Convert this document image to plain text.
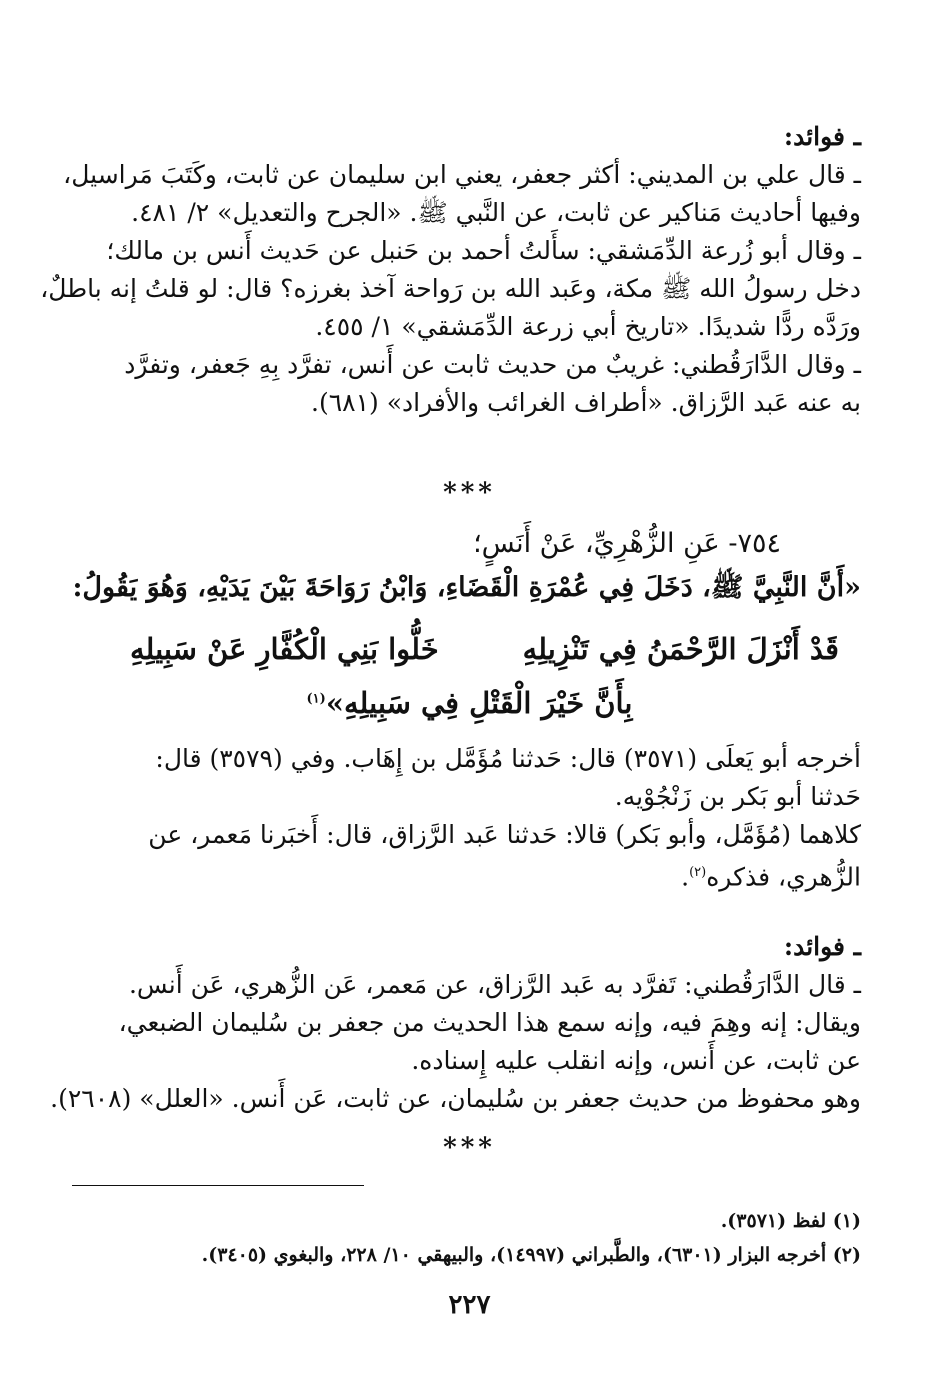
ـ فوائد:
ـ قال علي بن المديني: أكثر جعفر، يعني ابن سليمان عن ثابت، وكَتَبَ مَراسيل،
وفيها أحاديث مَناكير عن ثابت، عن النَّبي ﷺ. «الجرح والتعديل» ٢/ ٤٨١.
ـ وقال أبو زُرعة الدِّمَشقي: سأَلتُ أحمد بن حَنبل عن حَديث أَنس بن مالك؛
دخل رسولُ الله ﷺ مكة، وعَبد الله بن رَواحة آخذ بغرزه؟ قال: لو قلتُ إنه باطلٌ،
ورَدَّه ردًّا شديدًا. «تاريخ أبي زرعة الدِّمَشقي» ١/ ٤٥٥.
ـ وقال الدَّارَقُطني: غريبٌ من حديث ثابت عن أَنس، تفرَّد بِهِ جَعفر، وتفرَّد
به عنه عَبد الرَّزاق. «أطراف الغرائب والأفراد» (٦٨١).
***
٧٥٤- عَنِ الزُّهْرِيِّ، عَنْ أَنَسٍ؛
«أَنَّ النَّبِيَّ ﷺ، دَخَلَ فِي عُمْرَةِ الْقَضَاءِ، وَابْنُ رَوَاحَةَ بَيْنَ يَدَيْهِ، وَهُوَ يَقُولُ:
قَدْ أَنْزَلَ الرَّحْمَنُ فِي تَنْزِيلِهِ
خَلُّوا بَنِي الْكُفَّارِ عَنْ سَبِيلِهِ
بِأَنَّ خَيْرَ الْقَتْلِ فِي سَبِيلِهِ»$^{(١)}$
أخرجه أبو يَعلَى (٣٥٧١) قال: حَدثنا مُؤَمَّل بن إِهَاب. وفي (٣٥٧٩) قال:
حَدثنا أبو بَكر بن زَنْجُوْيه.
كلاهما (مُؤَمَّل، وأبو بَكر) قالا: حَدثنا عَبد الرَّزاق، قال: أَخبَرنا مَعمر، عن
الزُّهري، فذكره$^{(٢)}$.
ـ فوائد:
ـ قال الدَّارَقُطني: تَفرَّد به عَبد الرَّزاق، عن مَعمر، عَن الزُّهري، عَن أَنس.
ويقال: إنه وهِمَ فيه، وإنه سمع هذا الحديث من جعفر بن سُليمان الضبعي،
عن ثابت، عن أَنس، وإنه انقلب عليه إِسناده.
وهو محفوظ من حديث جعفر بن سُليمان، عن ثابت، عَن أَنس. «العلل» (٢٦٠٨).
***
(١) لفظ (٣٥٧١).
(٢) أخرجه البزار (٦٣٠١)، والطَّبراني (١٤٩٩٧)، والبيهقي ١٠/ ٢٢٨، والبغوي (٣٤٠٥).
٢٢٧
